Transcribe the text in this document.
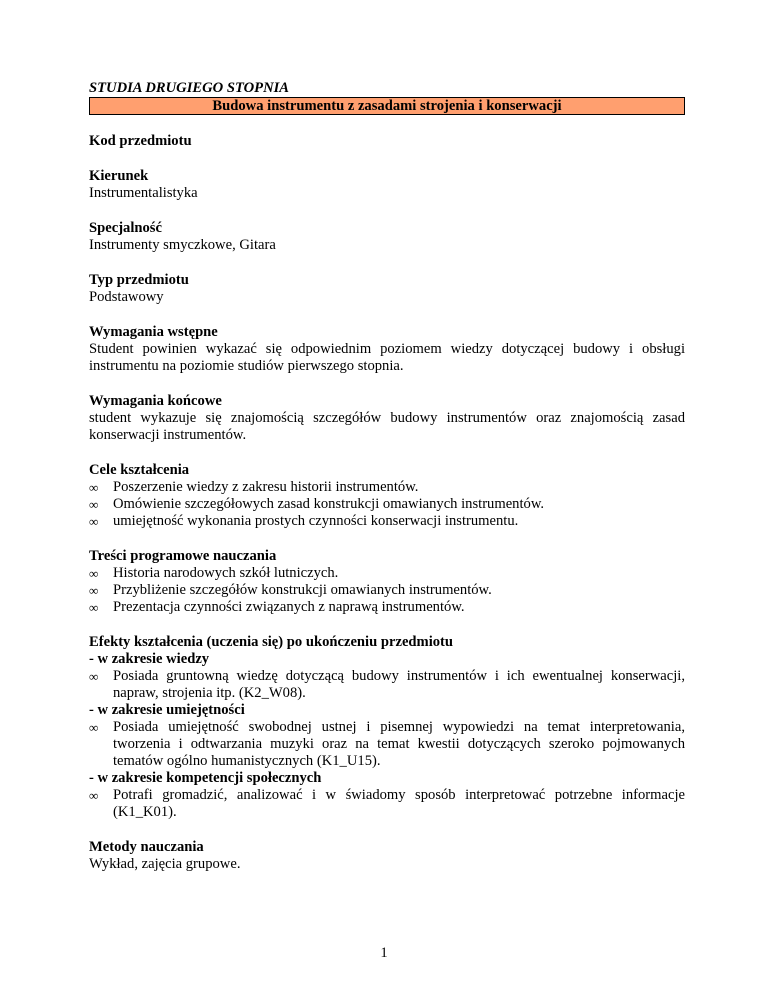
STUDIA DRUGIEGO STOPNIA
Budowa instrumentu z zasadami strojenia i konserwacji
Kod przedmiotu
Kierunek
Instrumentalistyka
Specjalność
Instrumenty smyczkowe, Gitara
Typ przedmiotu
Podstawowy
Wymagania wstępne
Student powinien wykazać się odpowiednim poziomem wiedzy dotyczącej budowy i obsługi instrumentu na poziomie studiów pierwszego stopnia.
Wymagania końcowe
student wykazuje się znajomością szczegółów budowy instrumentów oraz znajomością zasad konserwacji instrumentów.
Cele kształcenia
∞ Poszerzenie wiedzy z zakresu historii instrumentów.
∞ Omówienie szczegółowych zasad konstrukcji omawianych instrumentów.
∞ umiejętność wykonania prostych czynności konserwacji instrumentu.
Treści programowe nauczania
∞ Historia narodowych szkół lutniczych.
∞ Przybliżenie szczegółów konstrukcji omawianych instrumentów.
∞ Prezentacja czynności związanych z naprawą instrumentów.
Efekty kształcenia (uczenia się) po ukończeniu przedmiotu
- w zakresie wiedzy
∞ Posiada gruntowną wiedzę dotyczącą budowy instrumentów i ich ewentualnej konserwacji, napraw, strojenia itp. (K2_W08).
- w zakresie umiejętności
∞ Posiada umiejętność swobodnej ustnej i pisemnej wypowiedzi na temat interpretowania, tworzenia i odtwarzania muzyki oraz na temat kwestii dotyczących szeroko pojmowanych tematów ogólno humanistycznych (K1_U15).
- w zakresie kompetencji społecznych
∞ Potrafi gromadzić, analizować i w świadomy sposób interpretować potrzebne informacje (K1_K01).
Metody nauczania
Wykład, zajęcia grupowe.
1
